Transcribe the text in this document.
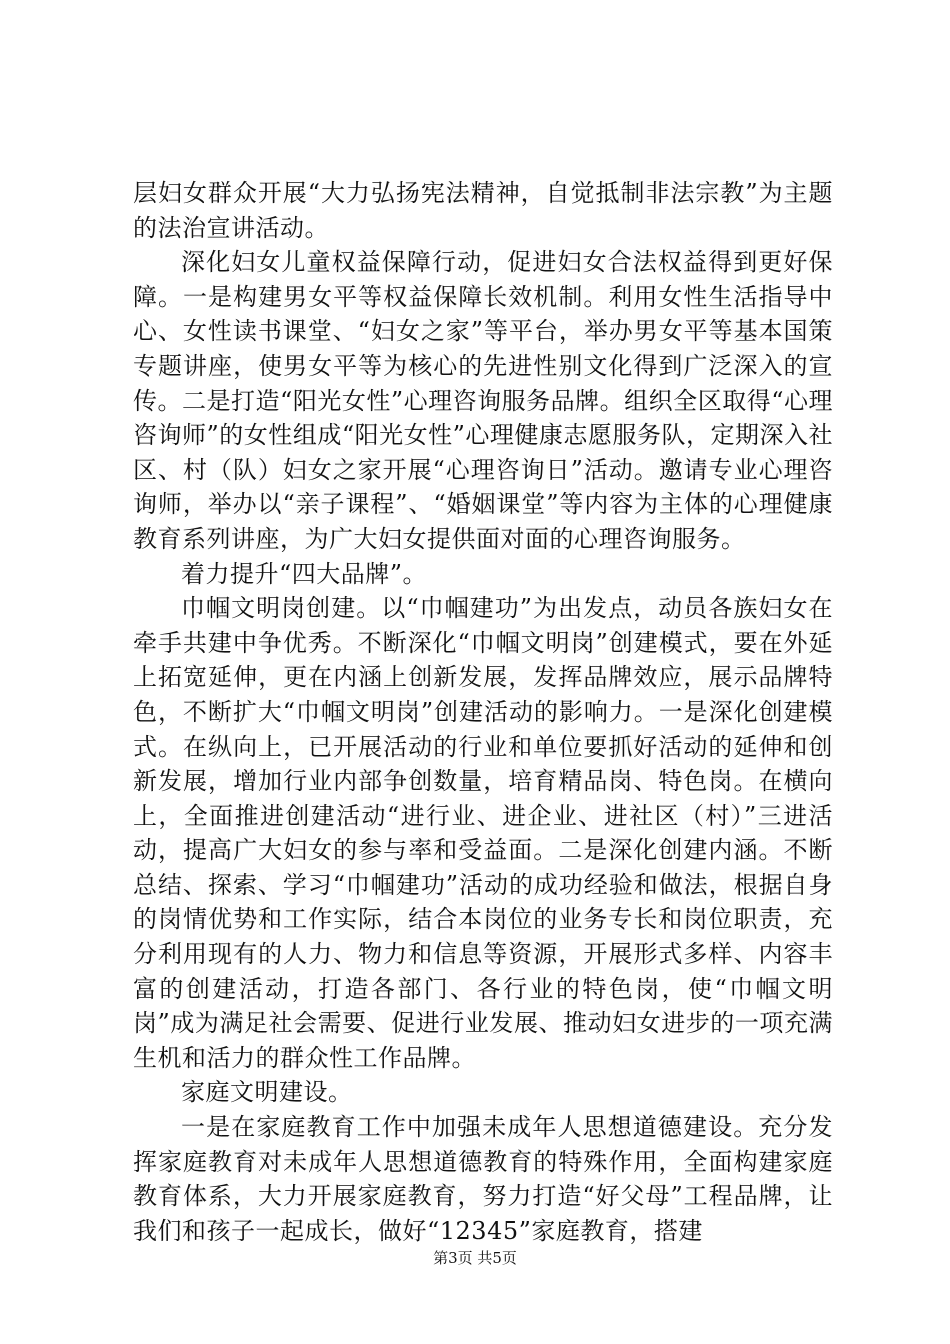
层妇女群众开展“大力弘扬宪法精神，自觉抵制非法宗教”为主题的法治宣讲活动。

深化妇女儿童权益保障行动，促进妇女合法权益得到更好保障。一是构建男女平等权益保障长效机制。利用女性生活指导中心、女性读书课堂、“妇女之家”等平台，举办男女平等基本国策专题讲座，使男女平等为核心的先进性别文化得到广泛深入的宣传。二是打造“阳光女性”心理咨询服务品牌。组织全区取得“心理咨询师”的女性组成“阳光女性”心理健康志愿服务队，定期深入社区、村（队）妇女之家开展“心理咨询日”活动。邀请专业心理咨询师，举办以“亲子课程”、“婚姻课堂”等内容为主体的心理健康教育系列讲座，为广大妇女提供面对面的心理咨询服务。

着力提升“四大品牌”。

巾帼文明岗创建。以“巾帼建功”为出发点，动员各族妇女在牵手共建中争优秀。不断深化“巾帼文明岗”创建模式，要在外延上拓宽延伸，更在内涵上创新发展，发挥品牌效应，展示品牌特色，不断扩大“巾帼文明岗”创建活动的影响力。一是深化创建模式。在纵向上，已开展活动的行业和单位要抓好活动的延伸和创新发展，增加行业内部争创数量，培育精品岗、特色岗。在横向上，全面推进创建活动“进行业、进企业、进社区（村）”三进活动，提高广大妇女的参与率和受益面。二是深化创建内涵。不断总结、探索、学习“巾帼建功”活动的成功经验和做法，根据自身的岗情优势和工作实际，结合本岗位的业务专长和岗位职责，充分利用现有的人力、物力和信息等资源，开展形式多样、内容丰富的创建活动，打造各部门、各行业的特色岗，使“巾帼文明岗”成为满足社会需要、促进行业发展、推动妇女进步的一项充满生机和活力的群众性工作品牌。

家庭文明建设。

一是在家庭教育工作中加强未成年人思想道德建设。充分发挥家庭教育对未成年人思想道德教育的特殊作用，全面构建家庭教育体系，大力开展家庭教育，努力打造“好父母”工程品牌，让我们和孩子一起成长，做好“12345”家庭教育，搭建

第3页 共5页
